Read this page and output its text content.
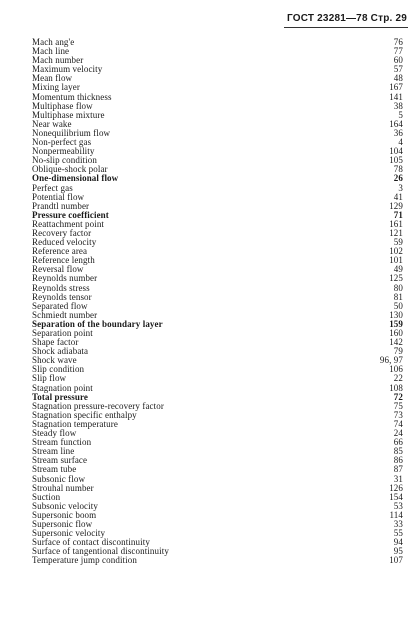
ГОСТ 23281—78 Стр. 29
Mach ang'e	76
Mach line	77
Mach number	60
Maximum velocity	57
Mean flow	48
Mixing layer	167
Momentum thickness	141
Multiphase flow	38
Multiphase mixture	5
Near wake	164
Nonequilibrium flow	36
Non-perfect gas	4
Nonpermeability	104
No-slip condition	105
Oblique-shock polar	78
One-dimensional flow	26
Perfect gas	3
Potential flow	41
Prandtl number	129
Pressure coefficient	71
Reattachment point	161
Recovery factor	121
Reduced velocity	59
Reference area	102
Reference length	101
Reversal flow	49
Reynolds number	125
Reynolds stress	80
Reynolds tensor	81
Separated flow	50
Schmiedt number	130
Separation of the boundary layer	159
Separation point	160
Shape factor	142
Shock adiabata	79
Shock wave	96, 97
Slip condition	106
Slip flow	22
Stagnation point	108
Total pressure	72
Stagnation pressure-recovery factor	75
Stagnation specific enthalpy	73
Stagnation temperature	74
Steady flow	24
Stream function	66
Stream line	85
Stream surface	86
Stream tube	87
Subsonic flow	31
Strouhal number	126
Suction	154
Subsonic velocity	53
Supersonic boom	114
Supersonic flow	33
Supersonic velocity	55
Surface of contact discontinuity	94
Surface of tangentional discontinuity	95
Temperature jump condition	107
